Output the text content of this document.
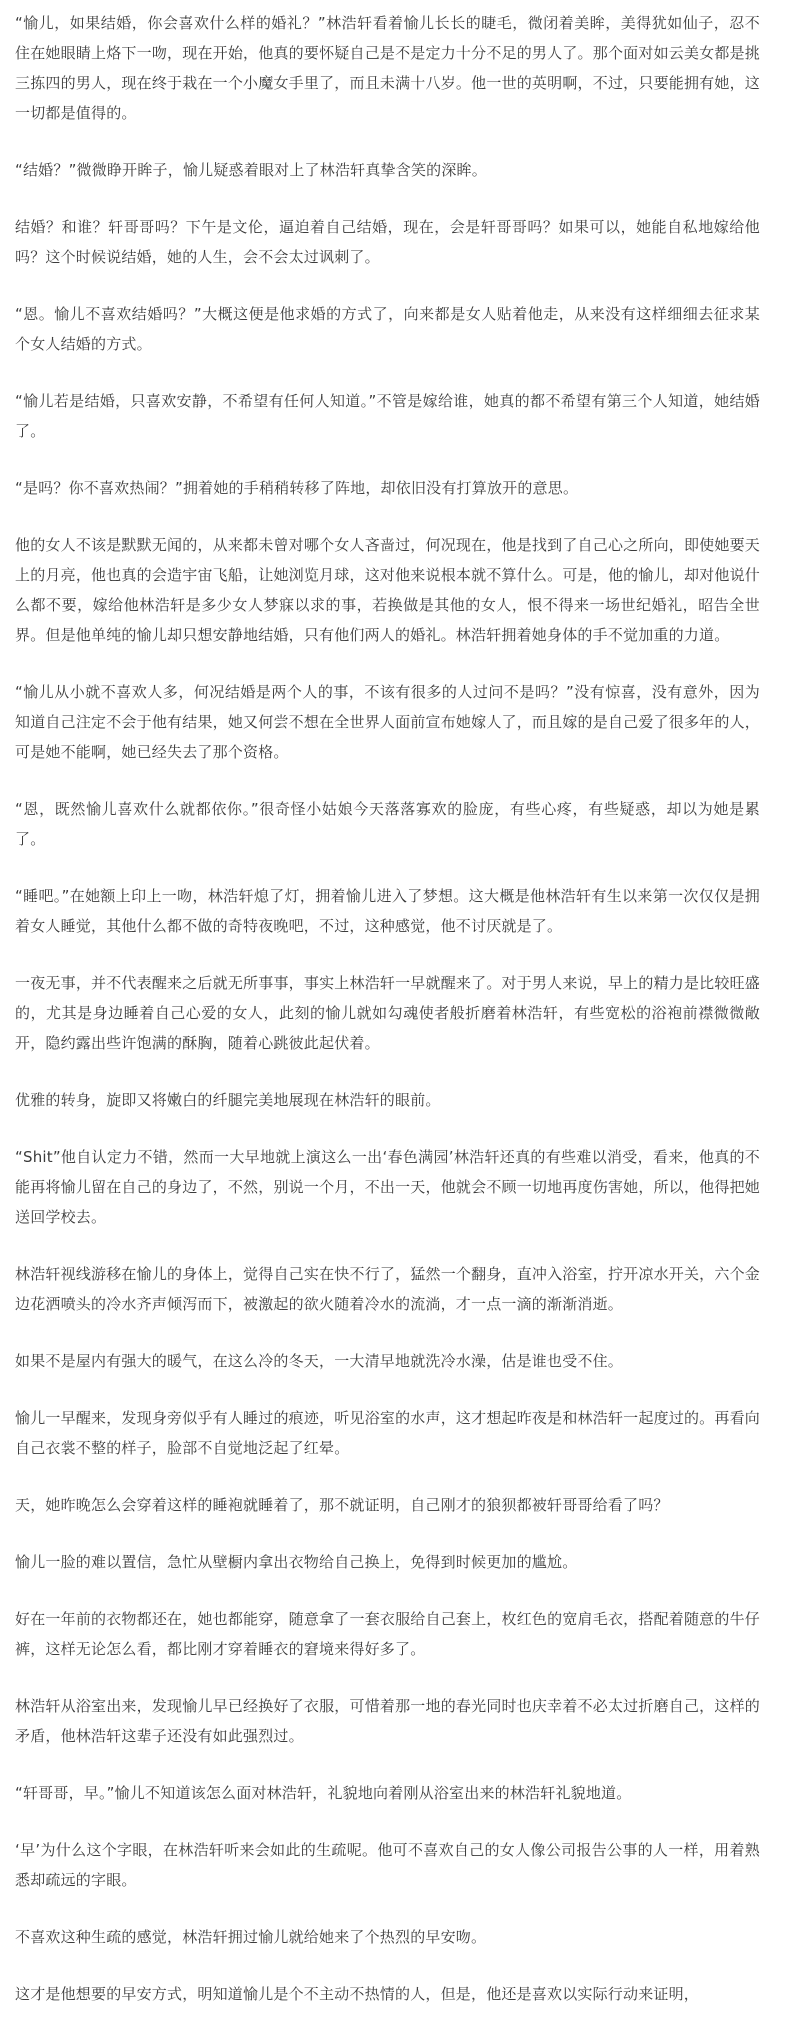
“愉儿，如果结婚，你会喜欢什么样的婚礼？”林浩轩看着愉儿长长的睫毛，微闭着美眸，美得犹如仙子，忍不住在她眼睛上烙下一吻，现在开始，他真的要怀疑自己是不是定力十分不足的男人了。那个面对如云美女都是挑三拣四的男人，现在终于栽在一个小魔女手里了，而且未满十八岁。他一世的英明啊，不过，只要能拥有她，这一切都是值得的。

“结婚？”微微睁开眸子，愉儿疑惑着眼对上了林浩轩真挚含笑的深眸。

结婚？和谁？轩哥哥吗？下午是文伦，逼迫着自己结婚，现在，会是轩哥哥吗？如果可以，她能自私地嫁给他吗？这个时候说结婚，她的人生，会不会太过讽刺了。

“恩。愉儿不喜欢结婚吗？”大概这便是他求婚的方式了，向来都是女人贴着他走，从来没有这样细细去征求某个女人结婚的方式。

“愉儿若是结婚，只喜欢安静，不希望有任何人知道。”不管是嫁给谁，她真的都不希望有第三个人知道，她结婚了。

“是吗？你不喜欢热闹？”拥着她的手稍稍转移了阵地，却依旧没有打算放开的意思。

他的女人不该是默默无闻的，从来都未曾对哪个女人吝啬过，何况现在，他是找到了自己心之所向，即使她要天上的月亮，他也真的会造宇宙飞船，让她浏览月球，这对他来说根本就不算什么。可是，他的愉儿，却对他说什么都不要，嫁给他林浩轩是多少女人梦寐以求的事，若换做是其他的女人，恨不得来一场世纪婚礼，昭告全世界。但是他单纯的愉儿却只想安静地结婚，只有他们两人的婚礼。林浩轩拥着她身体的手不觉加重的力道。

“愉儿从小就不喜欢人多，何况结婚是两个人的事，不该有很多的人过问不是吗？”没有惊喜，没有意外，因为知道自己注定不会于他有结果，她又何尝不想在全世界人面前宣布她嫁人了，而且嫁的是自己爱了很多年的人，可是她不能啊，她已经失去了那个资格。

“恩，既然愉儿喜欢什么就都依你。”很奇怪小姑娘今天落落寡欢的脸庞，有些心疼，有些疑惑，却以为她是累了。

“睡吧。”在她额上印上一吻，林浩轩熄了灯，拥着愉儿进入了梦想。这大概是他林浩轩有生以来第一次仅仅是拥着女人睡觉，其他什么都不做的奇特夜晚吧，不过，这种感觉，他不讨厌就是了。

一夜无事，并不代表醒来之后就无所事事，事实上林浩轩一早就醒来了。对于男人来说，早上的精力是比较旺盛的，尤其是身边睡着自己心爱的女人，此刻的愉儿就如勾魂使者般折磨着林浩轩，有些宽松的浴袍前襟微微敞开，隐约露出些许饱满的酥胸，随着心跳彼此起伏着。

优雅的转身，旋即又将嫩白的纤腿完美地展现在林浩轩的眼前。

“Shit”他自认定力不错，然而一大早地就上演这么一出‘春色满园’林浩轩还真的有些难以消受，看来，他真的不能再将愉儿留在自己的身边了，不然，别说一个月，不出一天，他就会不顾一切地再度伤害她，所以，他得把她送回学校去。

林浩轩视线游移在愉儿的身体上，觉得自己实在快不行了，猛然一个翻身，直冲入浴室，拧开凉水开关，六个金边花洒喷头的冷水齐声倾泻而下，被激起的欲火随着冷水的流淌，才一点一滴的渐渐消逝。

如果不是屋内有强大的暖气，在这么冷的冬天，一大清早地就洗冷水澡，估是谁也受不住。

愉儿一早醒来，发现身旁似乎有人睡过的痕迹，听见浴室的水声，这才想起昨夜是和林浩轩一起度过的。再看向自己衣裳不整的样子，脸部不自觉地泛起了红晕。

天，她昨晚怎么会穿着这样的睡袍就睡着了，那不就证明，自己刚才的狼狈都被轩哥哥给看了吗？

愉儿一脸的难以置信，急忙从壁橱内拿出衣物给自己换上，免得到时候更加的尴尬。

好在一年前的衣物都还在，她也都能穿，随意拿了一套衣服给自己套上，枚红色的宽肩毛衣，搭配着随意的牛仔裤，这样无论怎么看，都比刚才穿着睡衣的窘境来得好多了。

林浩轩从浴室出来，发现愉儿早已经换好了衣服，可惜着那一地的春光同时也庆幸着不必太过折磨自己，这样的矛盾，他林浩轩这辈子还没有如此强烈过。

“轩哥哥，早。”愉儿不知道该怎么面对林浩轩，礼貌地向着刚从浴室出来的林浩轩礼貌地道。

‘早’为什么这个字眼，在林浩轩听来会如此的生疏呢。他可不喜欢自己的女人像公司报告公事的人一样，用着熟悉却疏远的字眼。

不喜欢这种生疏的感觉，林浩轩拥过愉儿就给她来了个热烈的早安吻。

这才是他想要的早安方式，明知道愉儿是个不主动不热情的人，但是，他还是喜欢以实际行动来证明，
